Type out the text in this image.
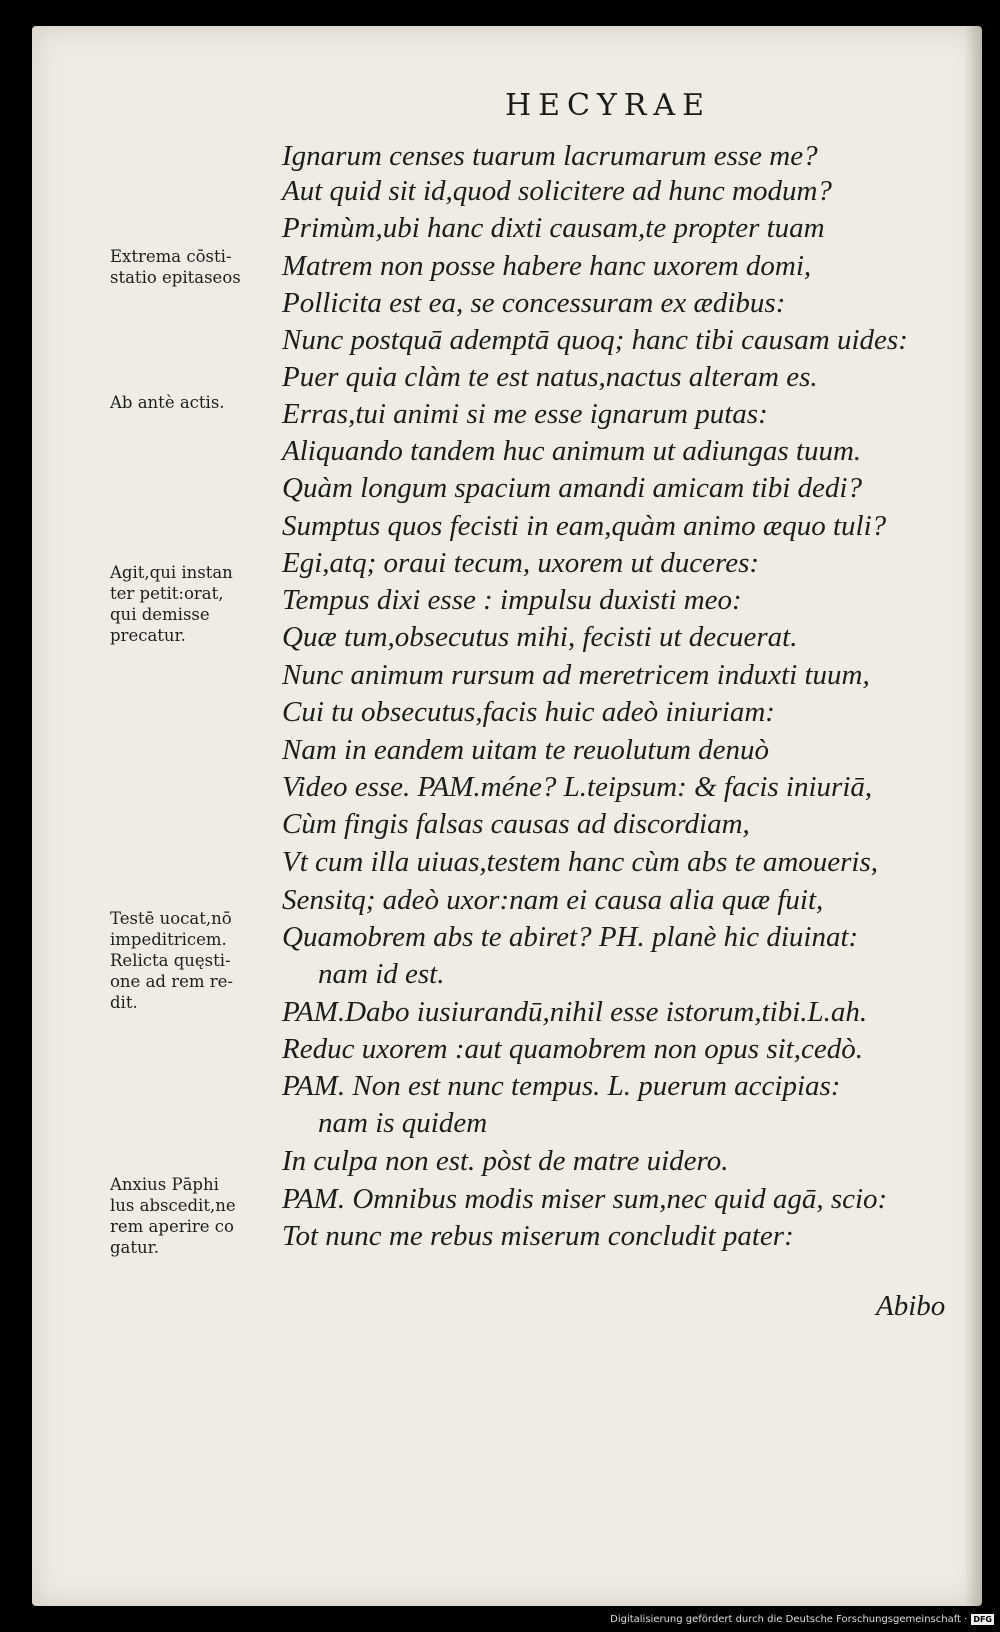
HECYRAE
Ignarum censes tuarum lacrumarum esse me?
Aut quid sit id,quod solicitere ad hunc modum?
Primùm,ubi hanc dixti causam,te propter tuam
Matrem non posse habere hanc uxorem domi,
Pollicita est ea, se concessuram ex ædibus:
Nunc postquā ademptā quoq; hanc tibi causam uides:
Puer quia clàm te est natus,nactus alteram es.
Erras,tui animi si me esse ignarum putas:
Aliquando tandem huc animum ut adiungas tuum.
Quàm longum spacium amandi amicam tibi dedi?
Sumptus quos fecisti in eam,quàm animo æquo tuli?
Egi,atq; oraui tecum, uxorem ut duceres:
Tempus dixi esse : impulsu duxisti meo:
Quæ tum,obsecutus mihi, fecisti ut decuerat.
Nunc animum rursum ad meretricem induxti tuum,
Cui tu obsecutus,facis huic adeò iniuriam:
Nam in eandem uitam te reuolutum denuò
Video esse. PAM.méne? L.teipsum: & facis iniuriā,
Cùm fingis falsas causas ad discordiam,
Vt cum illa uiuas,testem hanc cùm abs te amoueris,
Sensitq; adeò uxor:nam ei causa alia quæ fuit,
Quamobrem abs te abiret? PH. planè hic diuinat:
nam id est.
PAM.Dabo iusiurandū,nihil esse istorum,tibi.L.ah.
Reduc uxorem :aut quamobrem non opus sit,cedò.
PAM. Non est nunc tempus. L. puerum accipias:
nam is quidem
In culpa non est. pòst de matre uidero.
PAM. Omnibus modis miser sum,nec quid agā, scio:
Tot nunc me rebus miserum concludit pater:
Abibo
Extrema cōsti-
statio epitaseos
Ab antè actis.
Agit,qui instan
ter petit:orat,
qui demisse
precatur.
Testē uocat,nō
impeditricem.
Relicta quęsti-
one ad rem re-
dit.
Anxius Pāphi
lus abscedit,ne
rem aperire co
gatur.
Digitalisierung gefördert durch die Deutsche Forschungsgemeinschaft · DFG
